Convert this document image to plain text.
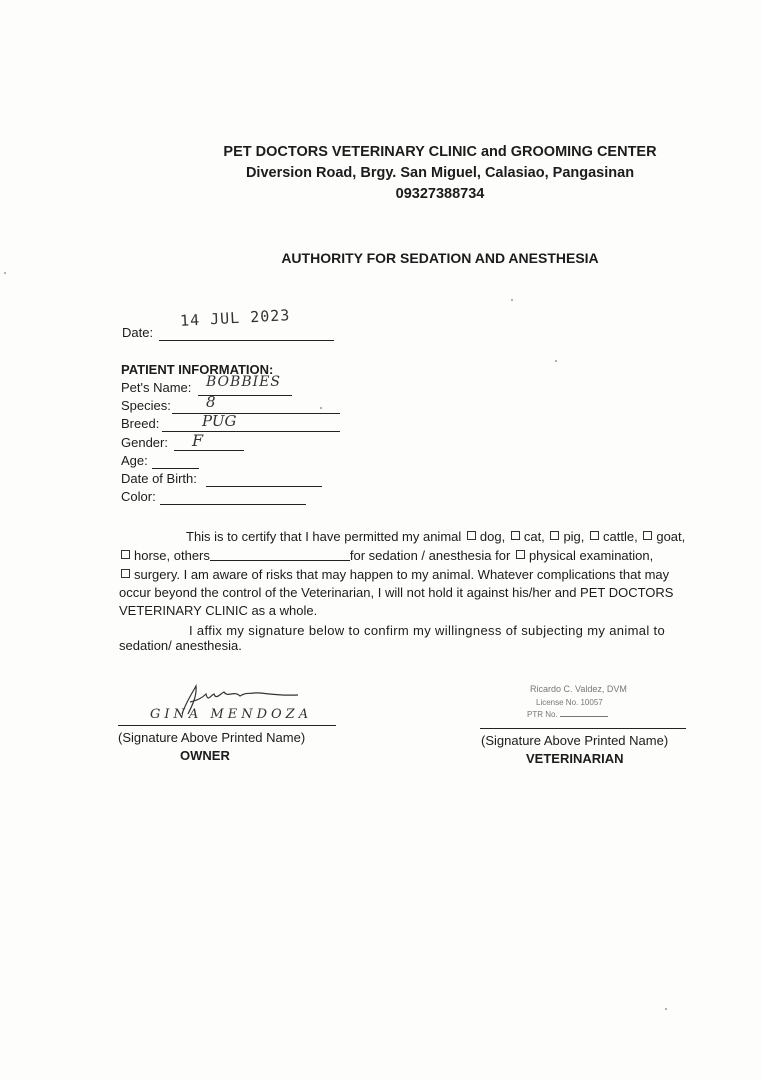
PET DOCTORS VETERINARY CLINIC and GROOMING CENTER
Diversion Road, Brgy. San Miguel, Calasiao, Pangasinan
09327388734
AUTHORITY FOR SEDATION AND ANESTHESIA
Date:
14 JUL 2023
PATIENT INFORMATION:
Pet's Name: BOBBIES
Species: 8
Breed:	PUG
Gender: F
Age:
Date of Birth:
Color:
This is to certify that I have permitted my animal dog, cat, pig, cattle, goat,
horse, others	for sedation / anesthesia for physical examination,
surgery. I am aware of risks that may happen to my animal. Whatever complications that may
occur beyond the control of the Veterinarian, I will not hold it against his/her and PET DOCTORS
VETERINARY CLINIC as a whole.
I affix my signature below to confirm my willingness of subjecting my animal to
sedation/ anesthesia.
GINA MENDOZA
(Signature Above Printed Name)
OWNER
Ricardo C. Valdez, DVM
License No. 10057
PTR No.
(Signature Above Printed Name)
VETERINARIAN
